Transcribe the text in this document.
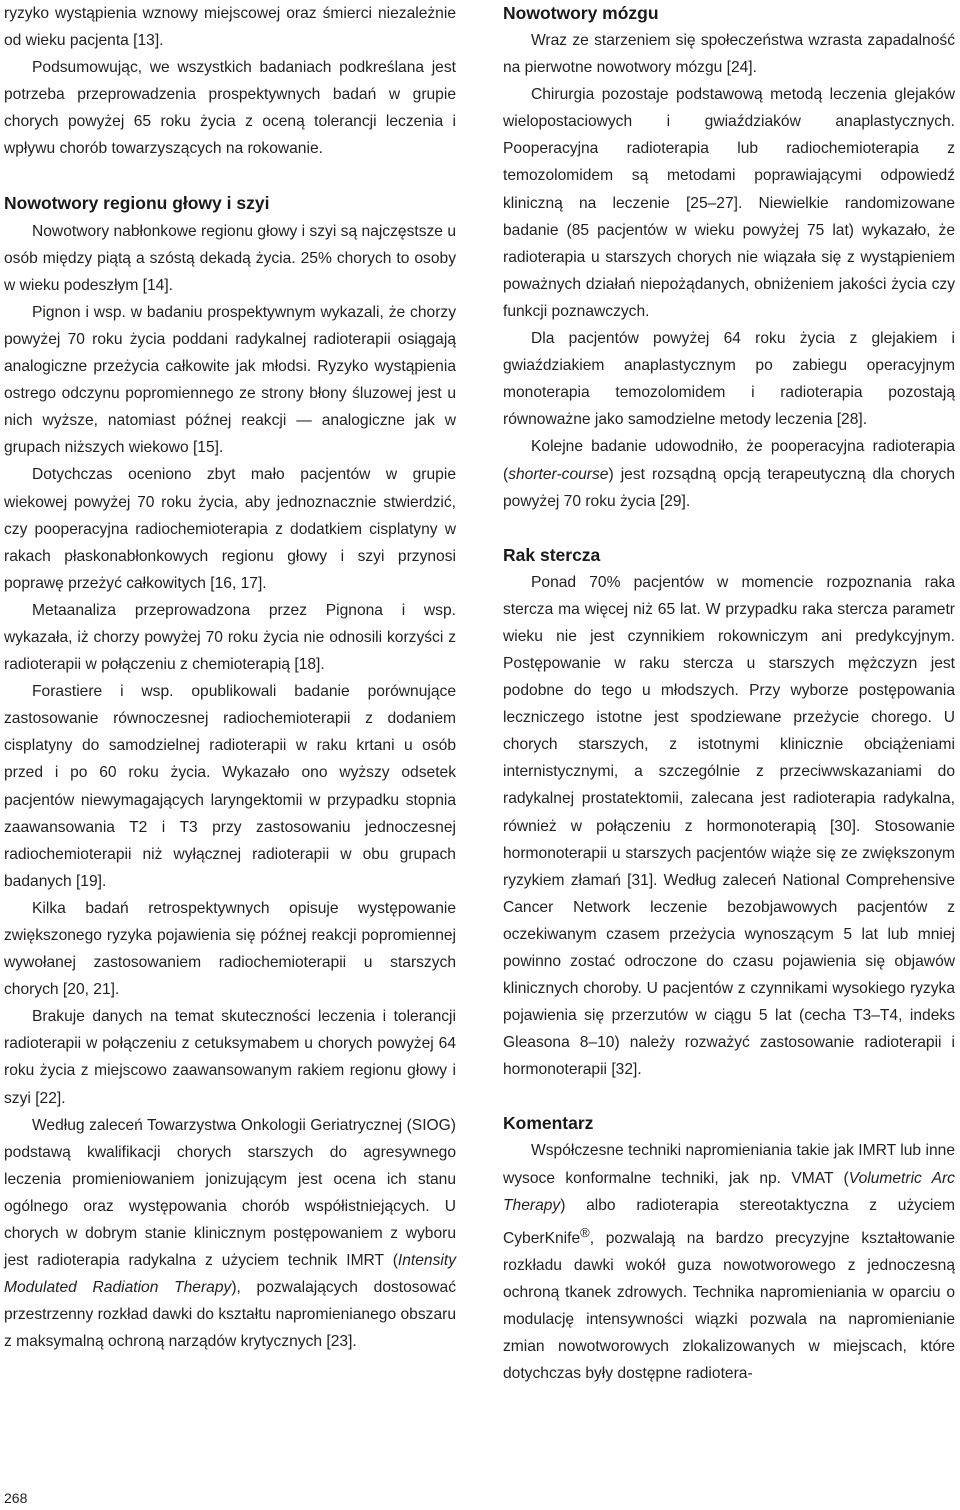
ryzyko wystąpienia wznowy miejscowej oraz śmierci niezależnie od wieku pacjenta [13].

Podsumowując, we wszystkich badaniach podkreślana jest potrzeba przeprowadzenia prospektywnych badań w grupie chorych powyżej 65 roku życia z oceną tolerancji leczenia i wpływu chorób towarzyszących na rokowanie.

Nowotwory regionu głowy i szyi

Nowotwory nabłonkowe regionu głowy i szyi są najczęstsze u osób między piątą a szóstą dekadą życia. 25% chorych to osoby w wieku podeszłym [14].

Pignon i wsp. w badaniu prospektywnym wykazali, że chorzy powyżej 70 roku życia poddani radykalnej radioterapii osiągają analogiczne przeżycia całkowite jak młodsi. Ryzyko wystąpienia ostrego odczynu popromiennego ze strony błony śluzowej jest u nich wyższe, natomiast późnej reakcji — analogiczne jak w grupach niższych wiekowo [15].

Dotychczas oceniono zbyt mało pacjentów w grupie wiekowej powyżej 70 roku życia, aby jednoznacznie stwierdzić, czy pooperacyjna radiochemioterapia z dodatkiem cisplatyny w rakach płaskonabłonkowych regionu głowy i szyi przynosi poprawę przeżyć całkowitych [16, 17].

Metaanaliza przeprowadzona przez Pignona i wsp. wykazała, iż chorzy powyżej 70 roku życia nie odnosili korzyści z radioterapii w połączeniu z chemioterapią [18].

Forastiere i wsp. opublikowali badanie porównujące zastosowanie równoczesnej radiochemioterapii z dodaniem cisplatyny do samodzielnej radioterapii w raku krtani u osób przed i po 60 roku życia. Wykazało ono wyższy odsetek pacjentów niewymagających laryngektomii w przypadku stopnia zaawansowania T2 i T3 przy zastosowaniu jednoczesnej radiochemioterapii niż wyłącznej radioterapii w obu grupach badanych [19].

Kilka badań retrospektywnych opisuje występowanie zwiększonego ryzyka pojawienia się późnej reakcji popromiennej wywołanej zastosowaniem radiochemioterapii u starszych chorych [20, 21].

Brakuje danych na temat skuteczności leczenia i tolerancji radioterapii w połączeniu z cetuksymabem u chorych powyżej 64 roku życia z miejscowo zaawansowanym rakiem regionu głowy i szyi [22].

Według zaleceń Towarzystwa Onkologii Geriatrycznej (SIOG) podstawą kwalifikacji chorych starszych do agresywnego leczenia promieniowaniem jonizującym jest ocena ich stanu ogólnego oraz występowania chorób współistniejących. U chorych w dobrym stanie klinicznym postępowaniem z wyboru jest radioterapia radykalna z użyciem technik IMRT (Intensity Modulated Radiation Therapy), pozwalających dostosować przestrzenny rozkład dawki do kształtu napromienianego obszaru z maksymalną ochroną narządów krytycznych [23].

Nowotwory mózgu

Wraz ze starzeniem się społeczeństwa wzrasta zapadalność na pierwotne nowotwory mózgu [24].

Chirurgia pozostaje podstawową metodą leczenia glejaków wielopostaciowych i gwiaździaków anaplastycznych. Pooperacyjna radioterapia lub radiochemioterapia z temozolomidem są metodami poprawiającymi odpowiedź kliniczną na leczenie [25–27]. Niewielkie randomizowane badanie (85 pacjentów w wieku powyżej 75 lat) wykazało, że radioterapia u starszych chorych nie wiązała się z wystąpieniem poważnych działań niepożądanych, obniżeniem jakości życia czy funkcji poznawczych.

Dla pacjentów powyżej 64 roku życia z glejakiem i gwiaździakiem anaplastycznym po zabiegu operacyjnym monoterapia temozolomidem i radioterapia pozostają równoważne jako samodzielne metody leczenia [28].

Kolejne badanie udowodniło, że pooperacyjna radioterapia (shorter-course) jest rozsądną opcją terapeutyczną dla chorych powyżej 70 roku życia [29].

Rak stercza

Ponad 70% pacjentów w momencie rozpoznania raka stercza ma więcej niż 65 lat. W przypadku raka stercza parametr wieku nie jest czynnikiem rokowniczym ani predykcyjnym. Postępowanie w raku stercza u starszych mężczyzn jest podobne do tego u młodszych. Przy wyborze postępowania leczniczego istotne jest spodziewane przeżycie chorego. U chorych starszych, z istotnymi klinicznie obciążeniami internistycznymi, a szczególnie z przeciwwskazaniami do radykalnej prostatektomii, zalecana jest radioterapia radykalna, również w połączeniu z hormonoterapią [30]. Stosowanie hormonoterapii u starszych pacjentów wiąże się ze zwiększonym ryzykiem złamań [31]. Według zaleceń National Comprehensive Cancer Network leczenie bezobjawowych pacjentów z oczekiwanym czasem przeżycia wynoszącym 5 lat lub mniej powinno zostać odroczone do czasu pojawienia się objawów klinicznych choroby. U pacjentów z czynnikami wysokiego ryzyka pojawienia się przerzutów w ciągu 5 lat (cecha T3–T4, indeks Gleasona 8–10) należy rozważyć zastosowanie radioterapii i hormonoterapii [32].

Komentarz

Współczesne techniki napromieniania takie jak IMRT lub inne wysoce konformalne techniki, jak np. VMAT (Volumetric Arc Therapy) albo radioterapia stereotaktyczna z użyciem CyberKnife®, pozwalają na bardzo precyzyjne kształtowanie rozkładu dawki wokół guza nowotworowego z jednoczesną ochroną tkanek zdrowych. Technika napromieniania w oparciu o modulację intensywności wiązki pozwala na napromienianie zmian nowotworowych zlokalizowanych w miejscach, które dotychczas były dostępne radiotera-

268
